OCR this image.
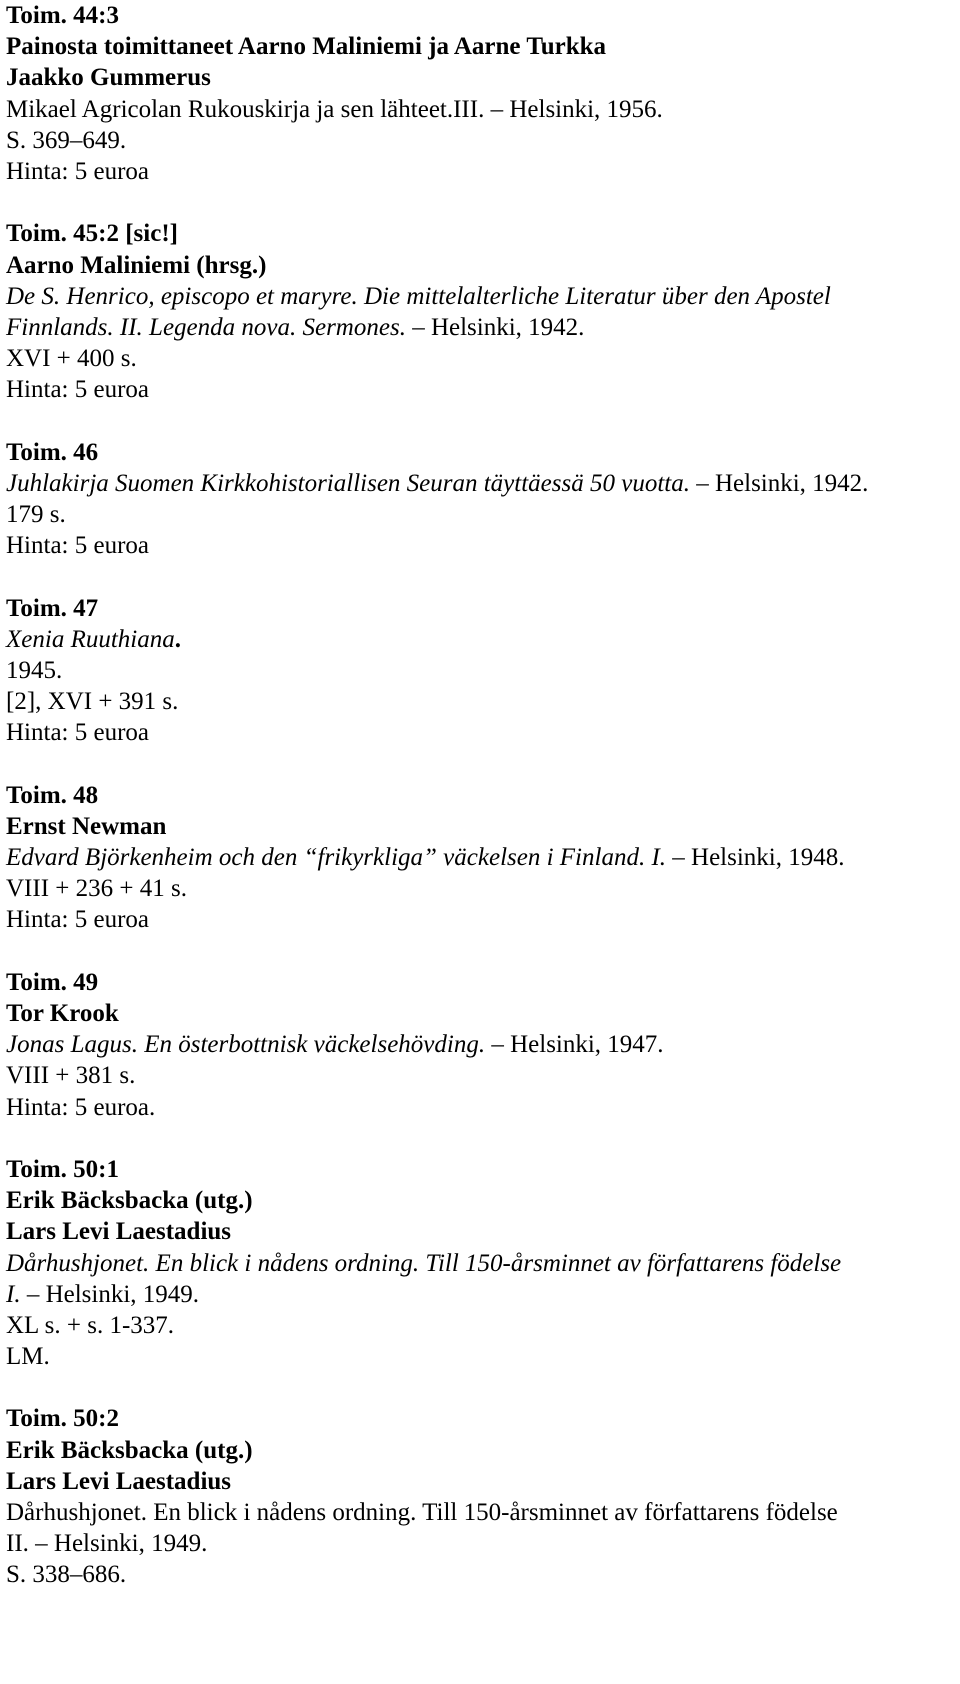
Toim. 44:3
Painosta toimittaneet Aarno Maliniemi ja Aarne Turkka
Jaakko Gummerus
Mikael Agricolan Rukouskirja ja sen lähteet.III. – Helsinki, 1956.
S. 369–649.
Hinta: 5 euroa
Toim. 45:2 [sic!]
Aarno Maliniemi (hrsg.)
De S. Henrico, episcopo et maryre. Die mittelalterliche Literatur über den Apostel
Finnlands. II. Legenda nova. Sermones. – Helsinki, 1942.
XVI + 400 s.
Hinta: 5 euroa
Toim. 46
Juhlakirja Suomen Kirkkohistoriallisen Seuran täyttäessä 50 vuotta. – Helsinki, 1942.
179 s.
Hinta: 5 euroa
Toim. 47
Xenia Ruuthiana.
1945.
[2], XVI + 391 s.
Hinta: 5 euroa
Toim. 48
Ernst Newman
Edvard Björkenheim och den “frikyrkliga” väckelsen i Finland. I. – Helsinki, 1948.
VIII + 236 + 41 s.
Hinta: 5 euroa
Toim. 49
Tor Krook
Jonas Lagus. En österbottnisk väckelsehövding. – Helsinki, 1947.
VIII + 381 s.
Hinta: 5 euroa.
Toim. 50:1
Erik Bäcksbacka (utg.)
Lars Levi Laestadius
Dårhushjonet. En blick i nådens ordning. Till 150-årsminnet av författarens födelse
I. – Helsinki, 1949.
XL s. + s. 1-337.
LM.
Toim. 50:2
Erik Bäcksbacka (utg.)
Lars Levi Laestadius
Dårhushjonet. En blick i nådens ordning. Till 150-årsminnet av författarens födelse
II. – Helsinki, 1949.
S. 338–686.
